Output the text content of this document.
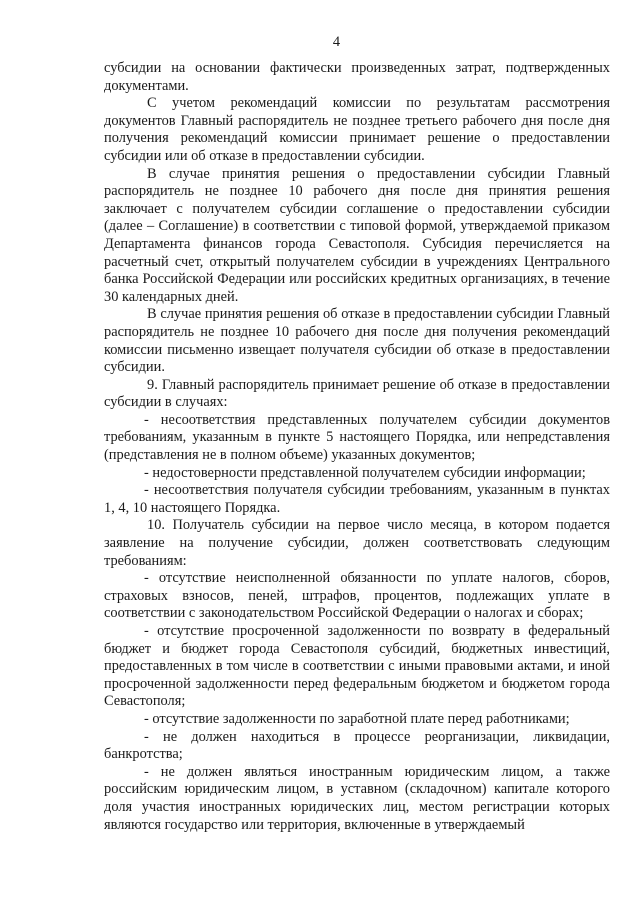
4

субсидии на основании фактически произведенных затрат, подтвержденных документами.

С учетом рекомендаций комиссии по результатам рассмотрения документов Главный распорядитель не позднее третьего рабочего дня после дня получения рекомендаций комиссии принимает решение о предоставлении субсидии или об отказе в предоставлении субсидии.

В случае принятия решения о предоставлении субсидии Главный распорядитель не позднее 10 рабочего дня после дня принятия решения заключает с получателем субсидии соглашение о предоставлении субсидии (далее – Соглашение) в соответствии с типовой формой, утверждаемой приказом Департамента финансов города Севастополя. Субсидия перечисляется на расчетный счет, открытый получателем субсидии в учреждениях Центрального банка Российской Федерации или российских кредитных организациях, в течение 30 календарных дней.

В случае принятия решения об отказе в предоставлении субсидии Главный распорядитель не позднее 10 рабочего дня после дня получения рекомендаций комиссии письменно извещает получателя субсидии об отказе в предоставлении субсидии.

9. Главный распорядитель принимает решение об отказе в предоставлении субсидии в случаях:

- несоответствия представленных получателем субсидии документов требованиям, указанным в пункте 5 настоящего Порядка, или непредставления (представления не в полном объеме) указанных документов;

- недостоверности представленной получателем субсидии информации;

- несоответствия получателя субсидии требованиям, указанным в пунктах 1, 4, 10 настоящего Порядка.

10. Получатель субсидии на первое число месяца, в котором подается заявление на получение субсидии, должен соответствовать следующим требованиям:

- отсутствие неисполненной обязанности по уплате налогов, сборов, страховых взносов, пеней, штрафов, процентов, подлежащих уплате в соответствии с законодательством Российской Федерации о налогах и сборах;

- отсутствие просроченной задолженности по возврату в федеральный бюджет и бюджет города Севастополя субсидий, бюджетных инвестиций, предоставленных в том числе в соответствии с иными правовыми актами, и иной просроченной задолженности перед федеральным бюджетом и бюджетом города Севастополя;

- отсутствие задолженности по заработной плате перед работниками;

- не должен находиться в процессе реорганизации, ликвидации, банкротства;

- не должен являться иностранным юридическим лицом, а также российским юридическим лицом, в уставном (складочном) капитале которого доля участия иностранных юридических лиц, местом регистрации которых являются государство или территория, включенные в утверждаемый
